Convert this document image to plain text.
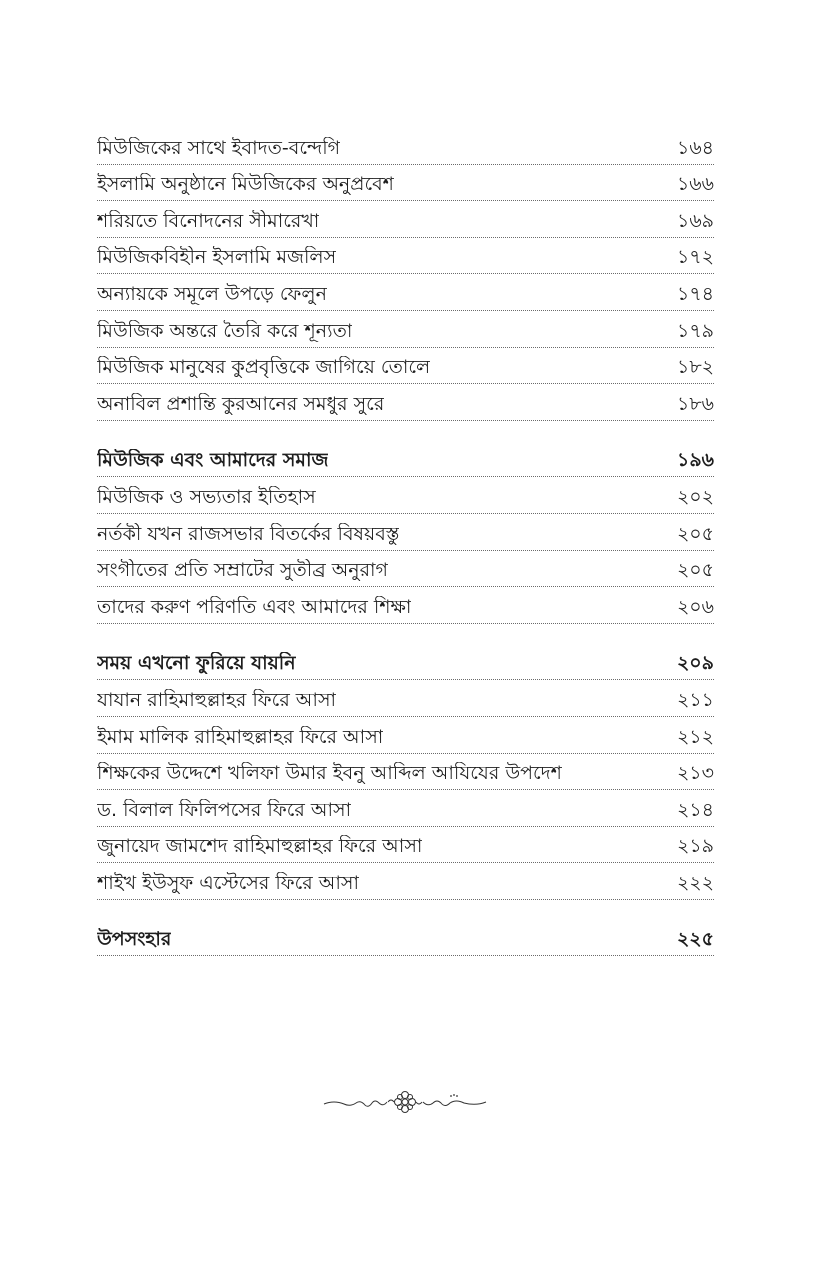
মিউজিকের সাথে ইবাদত-বন্দেগি	১৬৪
ইসলামি অনুষ্ঠানে মিউজিকের অনুপ্রবেশ	১৬৬
শরিয়তে বিনোদনের সীমারেখা	১৬৯
মিউজিকবিহীন ইসলামি মজলিস	১৭২
অন্যায়কে সমূলে উপড়ে ফেলুন	১৭৪
মিউজিক অন্তরে তৈরি করে শূন্যতা	১৭৯
মিউজিক মানুষের কুপ্রবৃত্তিকে জাগিয়ে তোলে	১৮২
অনাবিল প্রশান্তি কুরআনের সমধুর সুরে	১৮৬
মিউজিক এবং আমাদের সমাজ	১৯৬
মিউজিক ও সভ্যতার ইতিহাস	২০২
নর্তকী যখন রাজসভার বিতর্কের বিষয়বস্তু	২০৫
সংগীতের প্রতি সম্রাটের সুতীব্র অনুরাগ	২০৫
তাদের করুণ পরিণতি এবং আমাদের শিক্ষা	২০৬
সময় এখনো ফুরিয়ে যায়নি	২০৯
যাযান রাহিমাহুল্লাহর ফিরে আসা	২১১
ইমাম মালিক রাহিমাহুল্লাহর ফিরে আসা	২১২
শিক্ষকের উদ্দেশে খলিফা উমার ইবনু আব্দিল আযিযের উপদেশ	২১৩
ড. বিলাল ফিলিপসের ফিরে আসা	২১৪
জুনায়েদ জামশেদ রাহিমাহুল্লাহর ফিরে আসা	২১৯
শাইখ ইউসুফ এস্টেসের ফিরে আসা	২২২
উপসংহার	২২৫
